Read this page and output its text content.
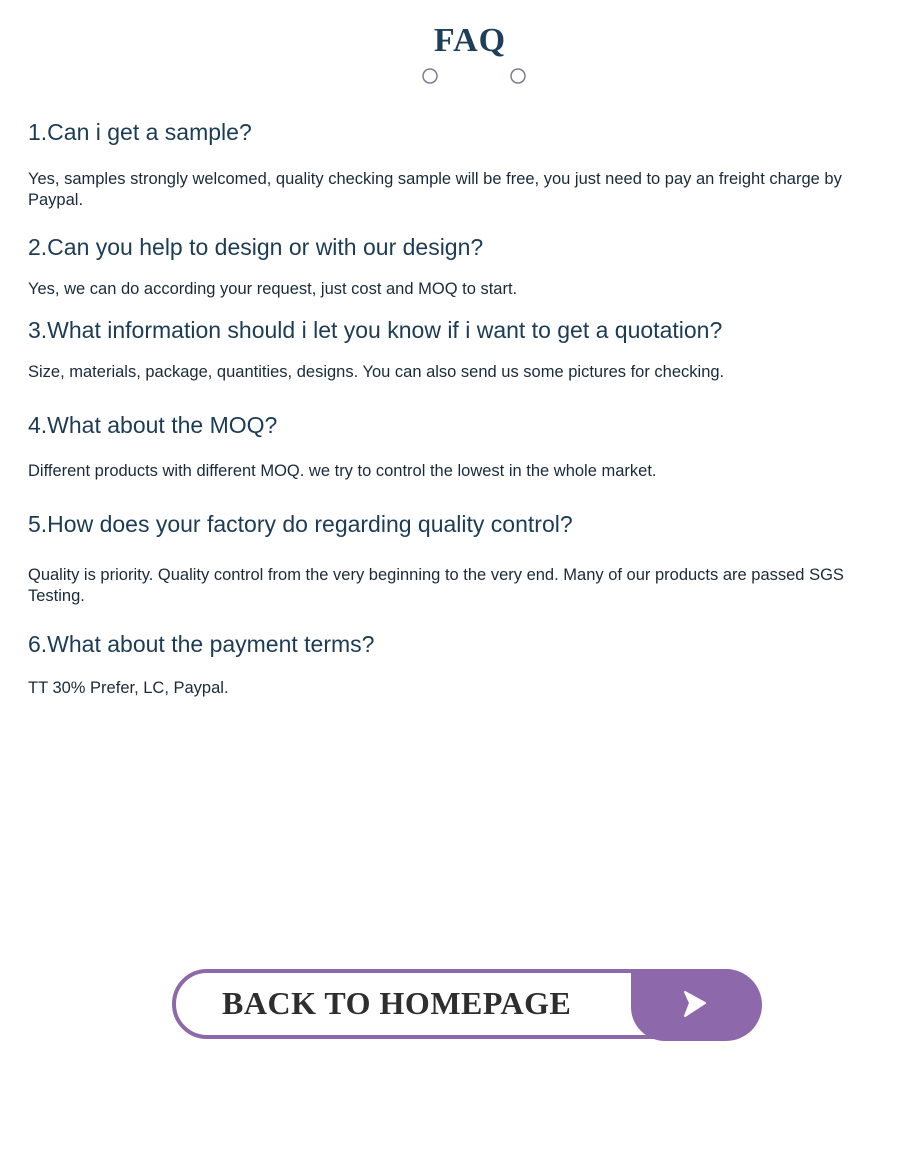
FAQ
1.Can i get a sample?

Yes, samples strongly welcomed, quality checking sample will be free, you just need to pay an freight charge by Paypal.

2.Can you help to design or with our design?

Yes, we can do according your request, just cost and MOQ to start.

3.What information should i let you know if i want to get a quotation?

Size, materials, package, quantities, designs. You can also send us some pictures for checking.

4.What about the MOQ?

Different products with different MOQ. we try to control the lowest in the whole market.

5.How does your factory do regarding quality control?

Quality is priority. Quality control from the very beginning to the very end. Many of our products are passed SGS Testing.

6.What about the payment terms?

TT 30% Prefer, LC, Paypal.

BACK TO HOMEPAGE
